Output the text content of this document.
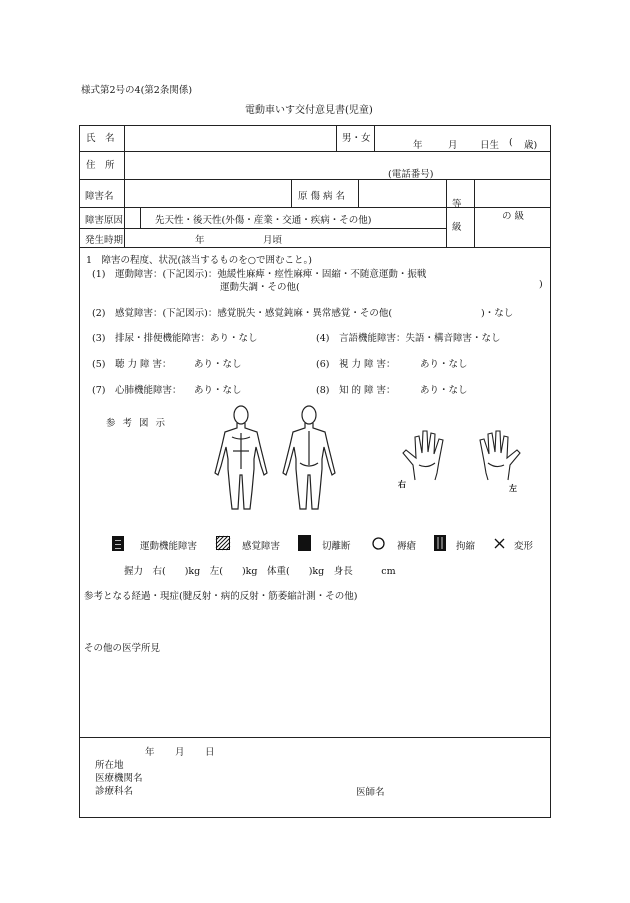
様式第2号の4(第2条関係)
電動車いす交付意見書(児童)
氏　名	男・女
年	月 日生 ( 歳)
住　所
(電話番号)
障害名	原傷病名
等
級
の 級
障害原因	先天性・後天性(外傷・産業・交通・疾病・その他)
発生時期	年	月頃
1　障害の程度、状況(該当するものを○で囲むこと。)
(1)　運動障害：(下記図示)：弛緩性麻痺・痙性麻痺・固縮・不随意運動・振戦
運動失調・その他(	)
(2)　感覚障害：(下記図示)：感覚脱失・感覚鈍麻・異常感覚・その他(	)・なし
(3)　排尿・排便機能障害：あり・なし	(4)　言語機能障害：失語・構音障害・なし
(5)　聴 力 障 害： あり・なし	(6)　視 力 障 害：	あり・なし
(7)　心肺機能障害： あり・なし	(8)　知 的 障 害：	あり・なし
参考図示
右	左
運動機能障害	感覚障害	切離断	褥瘡	拘縮	変形
握力　右(　　)kg　左(　　)kg　体重(　　)kg　身長　　　cm
参考となる経過・現症(腱反射・病的反射・筋萎縮計測・その他)
その他の医学所見
年 月 日
所在地
医療機関名
診療科名	医師名
